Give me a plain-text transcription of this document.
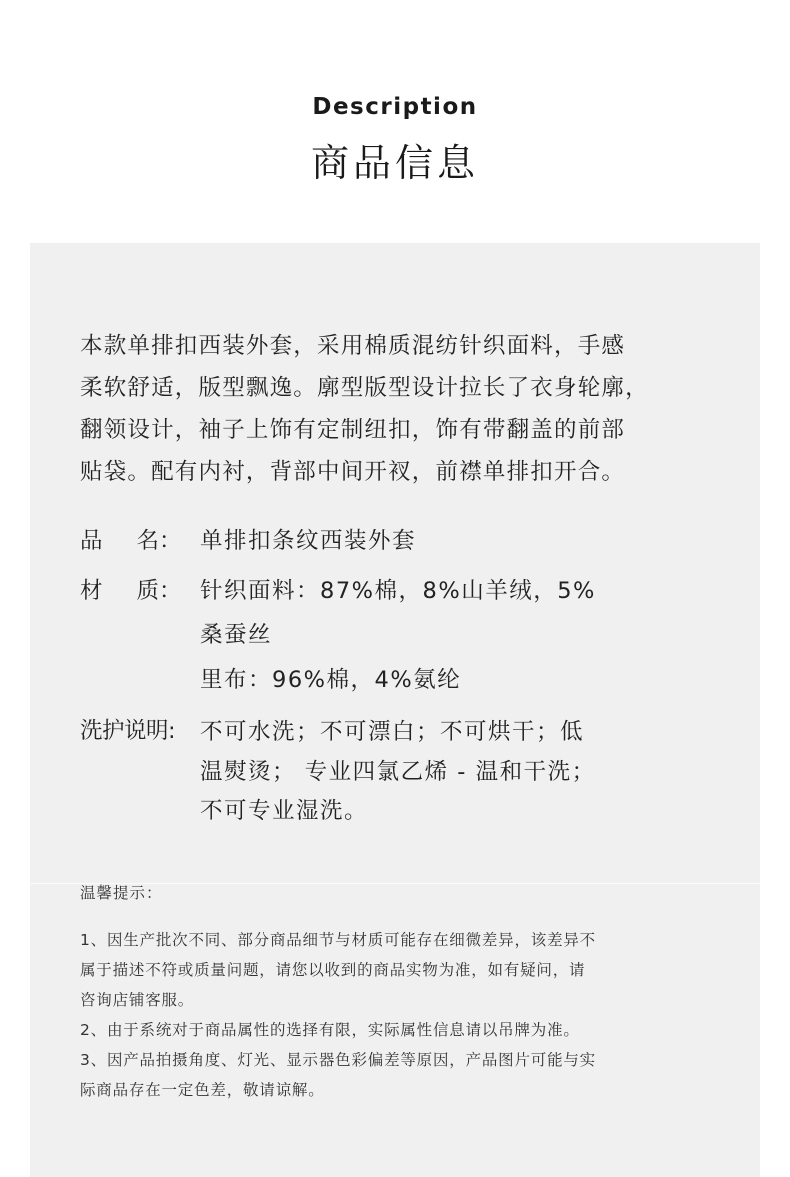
Description
商品信息
本款单排扣西装外套，采用棉质混纺针织面料，手感
柔软舒适，版型飘逸。廓型版型设计拉长了衣身轮廓，
翻领设计，袖子上饰有定制纽扣，饰有带翻盖的前部
贴袋。配有内衬，背部中间开衩，前襟单排扣开合。
品 名： 单排扣条纹西装外套
材 质： 针织面料：87%棉，8%山羊绒，5%
桑蚕丝
里布：96%棉，4%氨纶
洗护说明: 不可水洗；不可漂白；不可烘干；低
温熨烫； 专业四氯乙烯 - 温和干洗；
不可专业湿洗。
温馨提示：
1、因生产批次不同、部分商品细节与材质可能存在细微差异，该差异不
属于描述不符或质量问题，请您以收到的商品实物为准，如有疑问，请
咨询店铺客服。
2、由于系统对于商品属性的选择有限，实际属性信息请以吊牌为准。
3、因产品拍摄角度、灯光、显示器色彩偏差等原因，产品图片可能与实
际商品存在一定色差，敬请谅解。
